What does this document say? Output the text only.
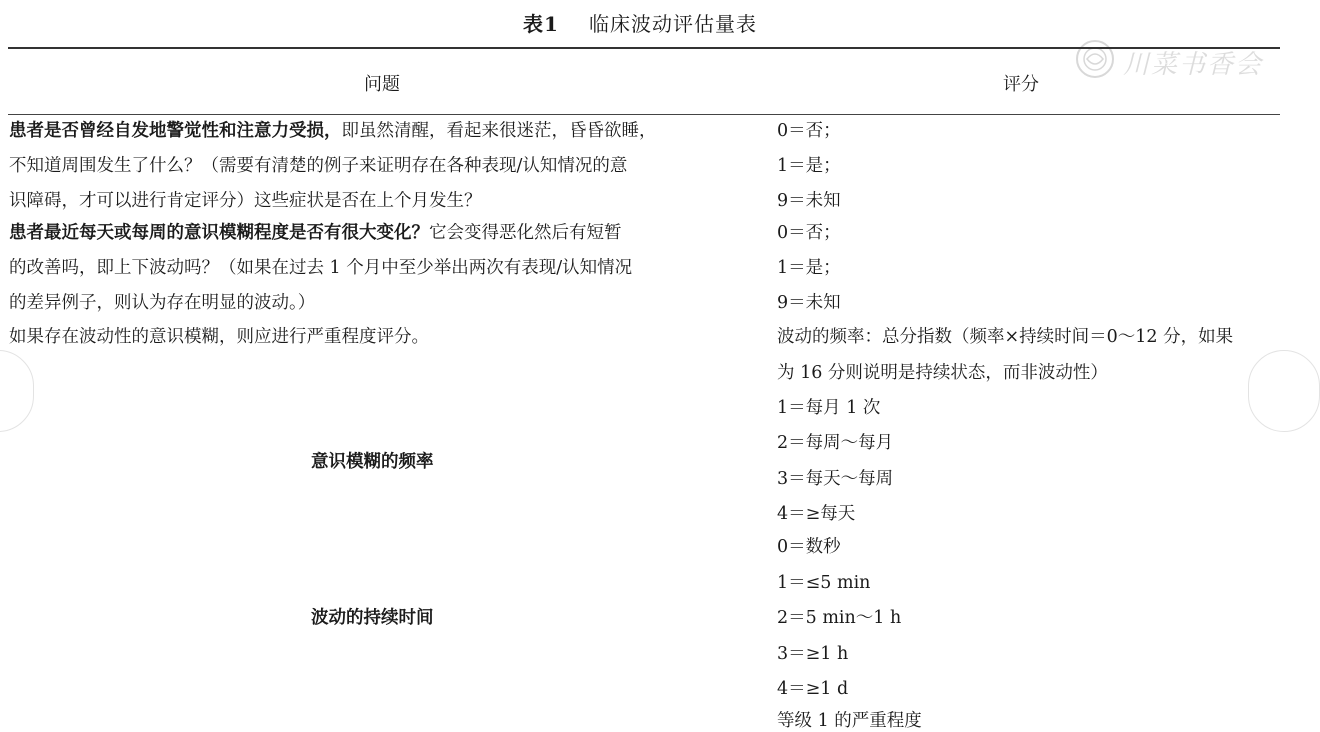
表1 临床波动评估量表
川菜书香会
问题	评分
患者是否曾经自发地警觉性和注意力受损，即虽然清醒，看起来很迷茫，昏昏欲睡，
不知道周围发生了什么？（需要有清楚的例子来证明存在各种表现/认知情况的意
识障碍，才可以进行肯定评分）这些症状是否在上个月发生？
0＝否；
1＝是；
9＝未知
患者最近每天或每周的意识模糊程度是否有很大变化？它会变得恶化然后有短暂
的改善吗，即上下波动吗？（如果在过去 1 个月中至少举出两次有表现/认知情况
的差异例子，则认为存在明显的波动。）
0＝否；
1＝是；
9＝未知
如果存在波动性的意识模糊，则应进行严重程度评分。	波动的频率：总分指数（频率×持续时间＝0～12 分，如果
为 16 分则说明是持续状态，而非波动性）
意识模糊的频率
1＝每月 1 次
2＝每周～每月
3＝每天～每周
4＝≥每天
波动的持续时间
0＝数秒
1＝≤5 min
2＝5 min～1 h
3＝≥1 h
4＝≥1 d
等级 1 的严重程度
